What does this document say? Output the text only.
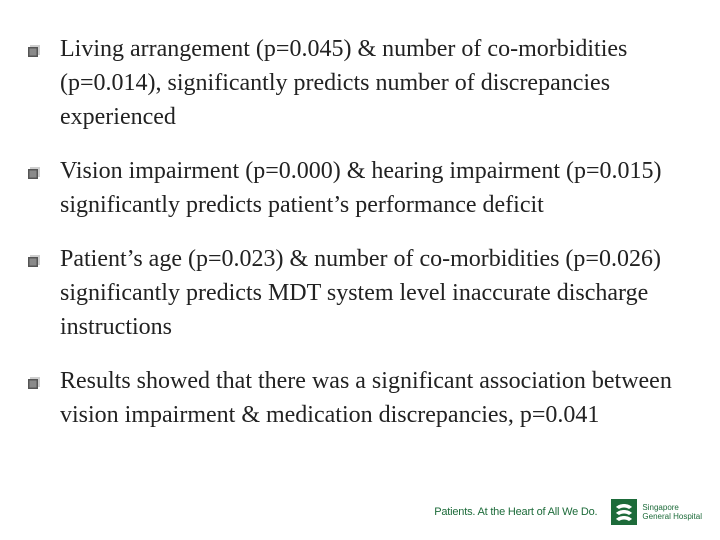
Living arrangement (p=0.045) & number of co-morbidities (p=0.014), significantly predicts number of discrepancies experienced
Vision impairment (p=0.000) & hearing impairment (p=0.015) significantly predicts patient’s performance deficit
Patient’s age (p=0.023) & number of co-morbidities (p=0.026) significantly predicts MDT system level inaccurate discharge instructions
Results showed that there was a significant association between vision impairment & medication discrepancies, p=0.041
Patients. At the Heart of All We Do.	Singapore
General Hospital
